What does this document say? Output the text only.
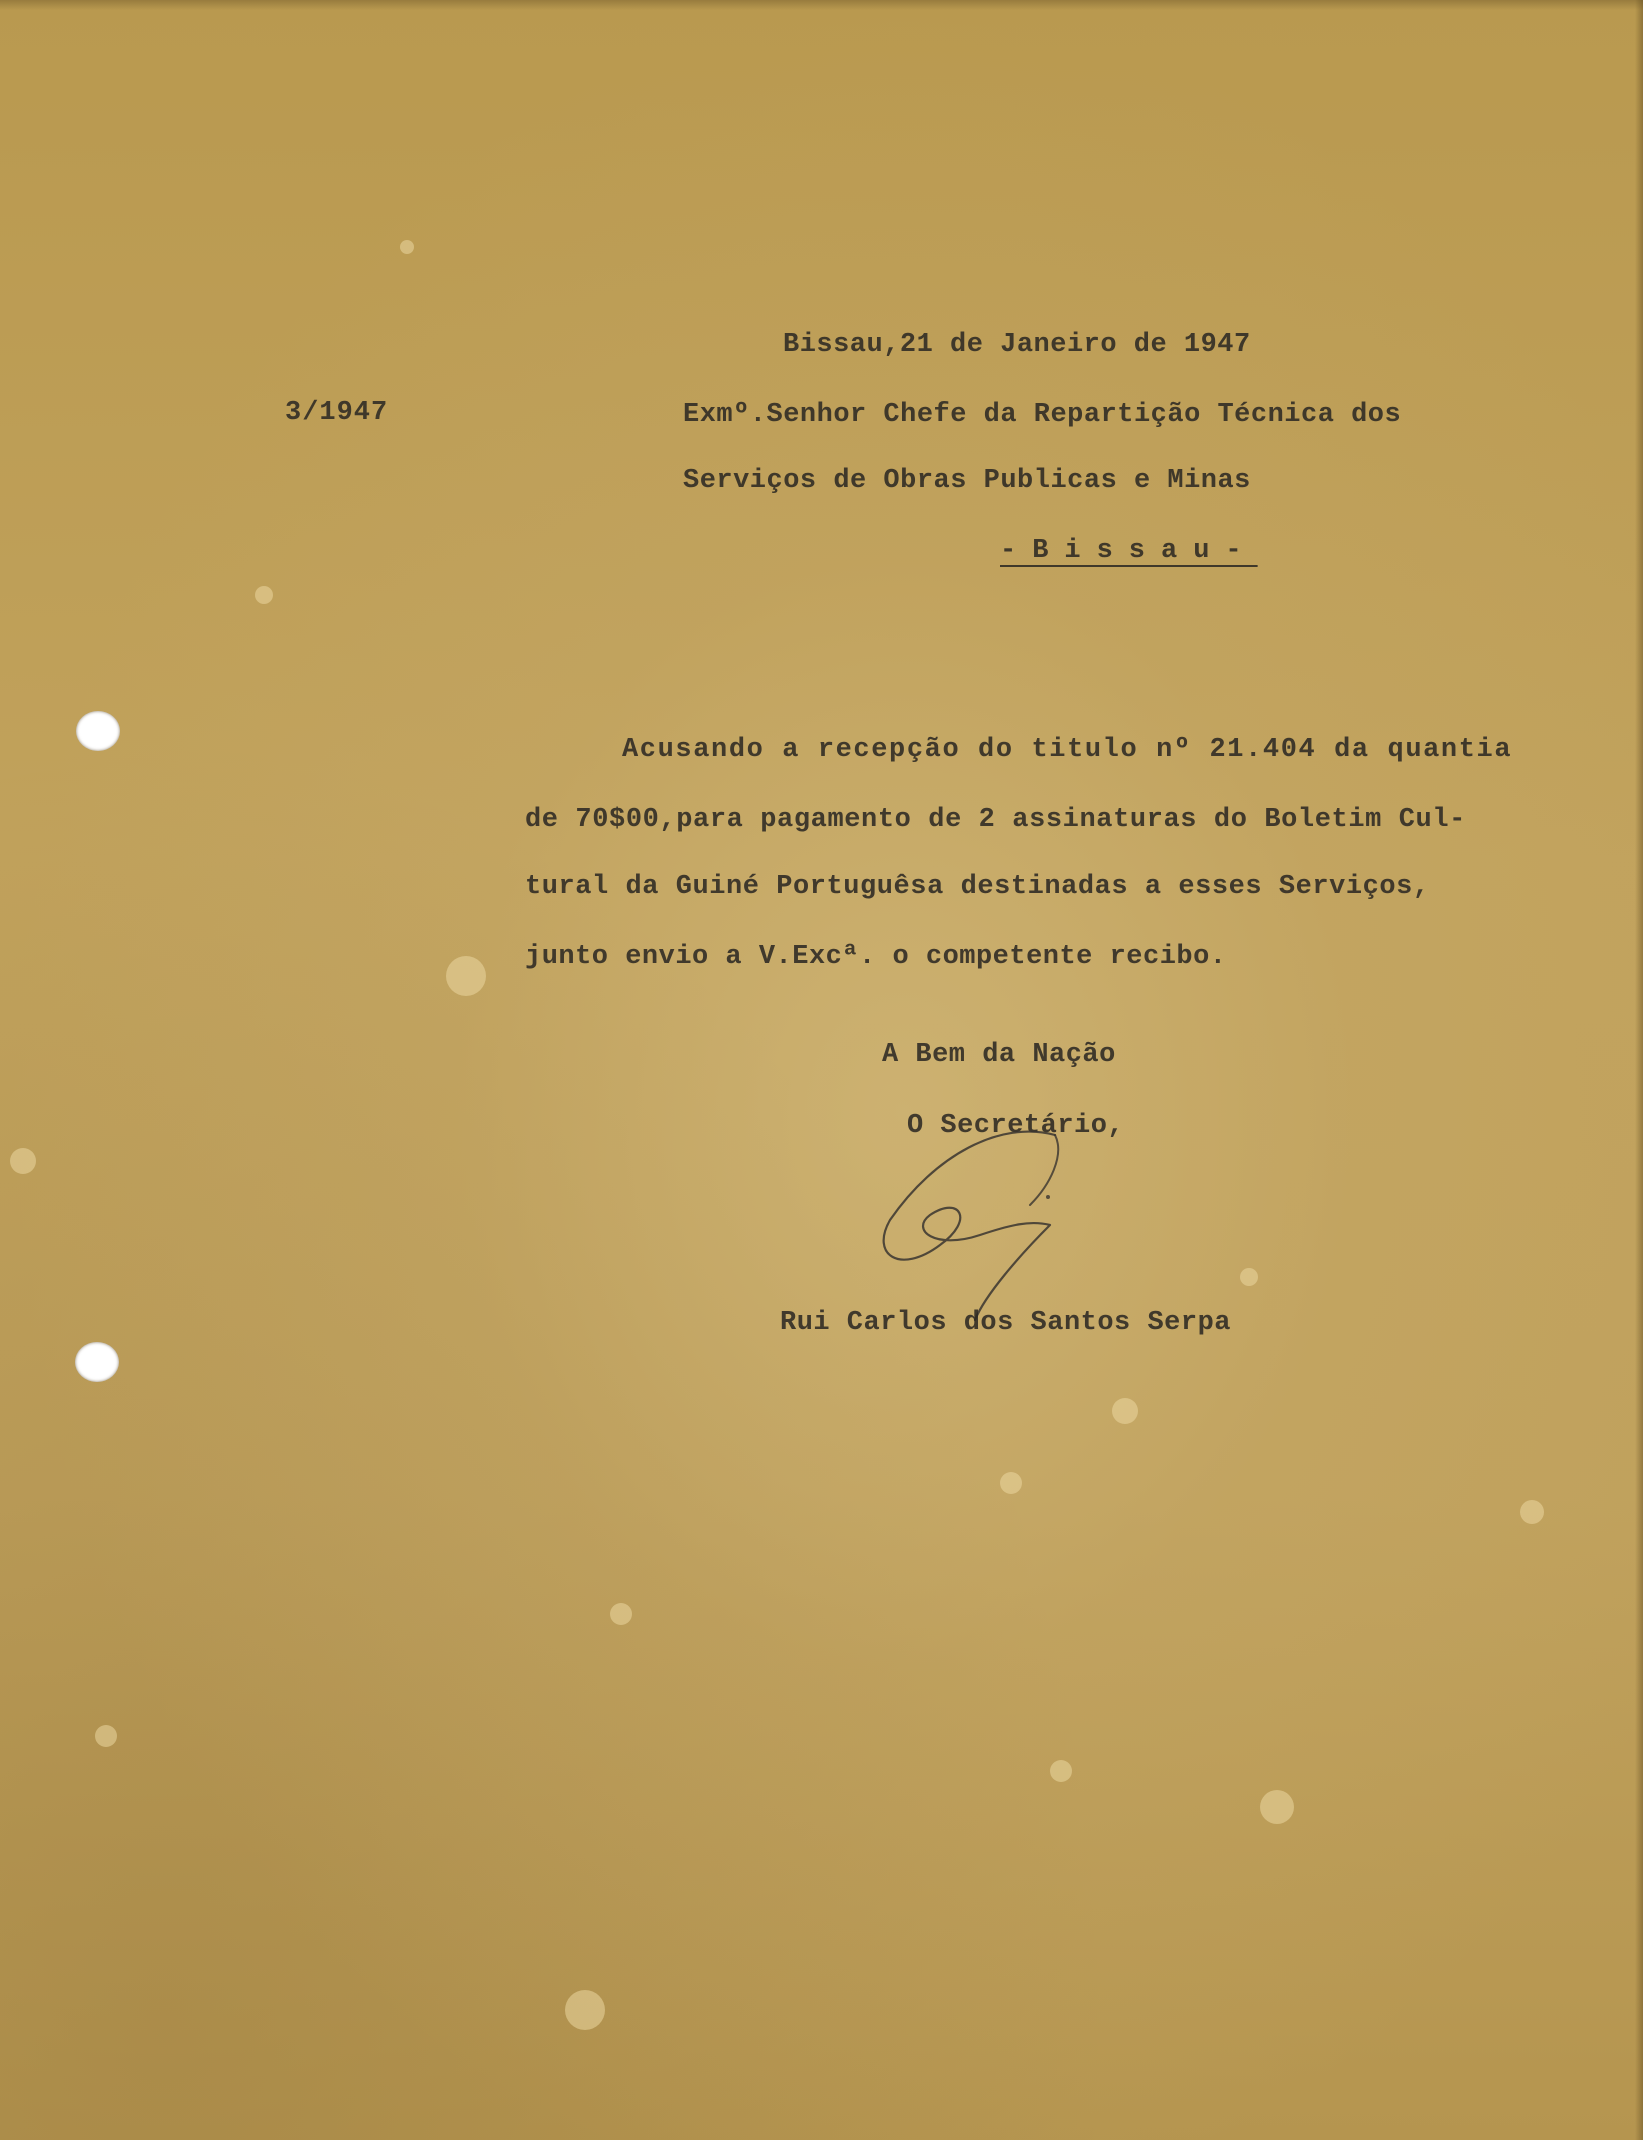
3/1947
Bissau,21 de Janeiro de 1947
Exmº.Senhor Chefe da Repartição Técnica dos
Serviços de Obras Publicas e Minas
-Bissau-
Acusando a recepção do titulo nº 21.404 da quantia
de 70$00,para pagamento de 2 assinaturas do Boletim Cul-
tural da Guiné Portuguêsa destinadas a esses Serviços,
junto envio a V.Excª. o competente recibo.
A Bem da Nação
O Secretário,
Rui Carlos dos Santos Serpa
